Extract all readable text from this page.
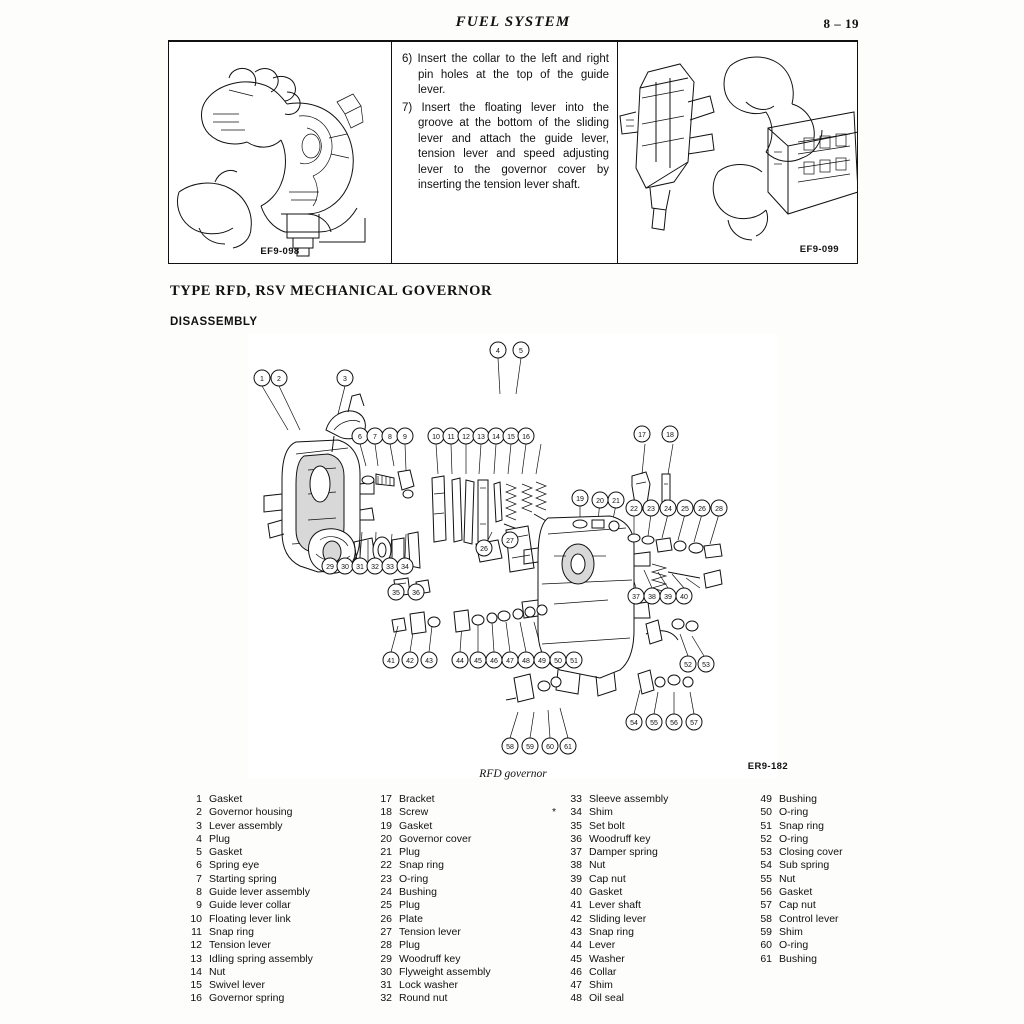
FUEL SYSTEM	8 – 19
EF9-098

6) Insert the collar to the left and right pin holes at the top of the guide lever.

7) Insert the floating lever into the groove at the bottom of the sliding lever and attach the guide lever, tension lever and speed adjusting lever to the governor cover by inserting the tension lever shaft.

EF9-099
TYPE RFD, RSV MECHANICAL GOVERNOR
DISASSEMBLY
1 2	3
4	5
6 7 8 9	10 11 12 13 14 15 16	17	18
19 20 21
22 23 24 25 26 28
26
27
29 30 31 32 33 34
35 36
37 38 39 40
41 42 43	44 45 46 47 48 49 50 51
52 53
54 55 56 57
58 59 60 61
RFD governor
ER9-182
1 Gasket
2 Governor housing
3 Lever assembly
4 Plug
5 Gasket
6 Spring eye
7 Starting spring
8 Guide lever assembly
9 Guide lever collar
10 Floating lever link
11 Snap ring
12 Tension lever
13 Idling spring assembly
14 Nut
15 Swivel lever
16 Governor spring
17 Bracket
18 Screw
19 Gasket
20 Governor cover
21 Plug
22 Snap ring
23 O-ring
24 Bushing
25 Plug
26 Plate
27 Tension lever
28 Plug
29 Woodruff key
30 Flyweight assembly
31 Lock washer
32 Round nut
33 Sleeve assembly
* 34 Shim
35 Set bolt
36 Woodruff key
37 Damper spring
38 Nut
39 Cap nut
40 Gasket
41 Lever shaft
42 Sliding lever
43 Snap ring
44 Lever
45 Washer
46 Collar
47 Shim
48 Oil seal
49 Bushing
50 O-ring
51 Snap ring
52 O-ring
53 Closing cover
54 Sub spring
55 Nut
56 Gasket
57 Cap nut
58 Control lever
59 Shim
60 O-ring
61 Bushing
